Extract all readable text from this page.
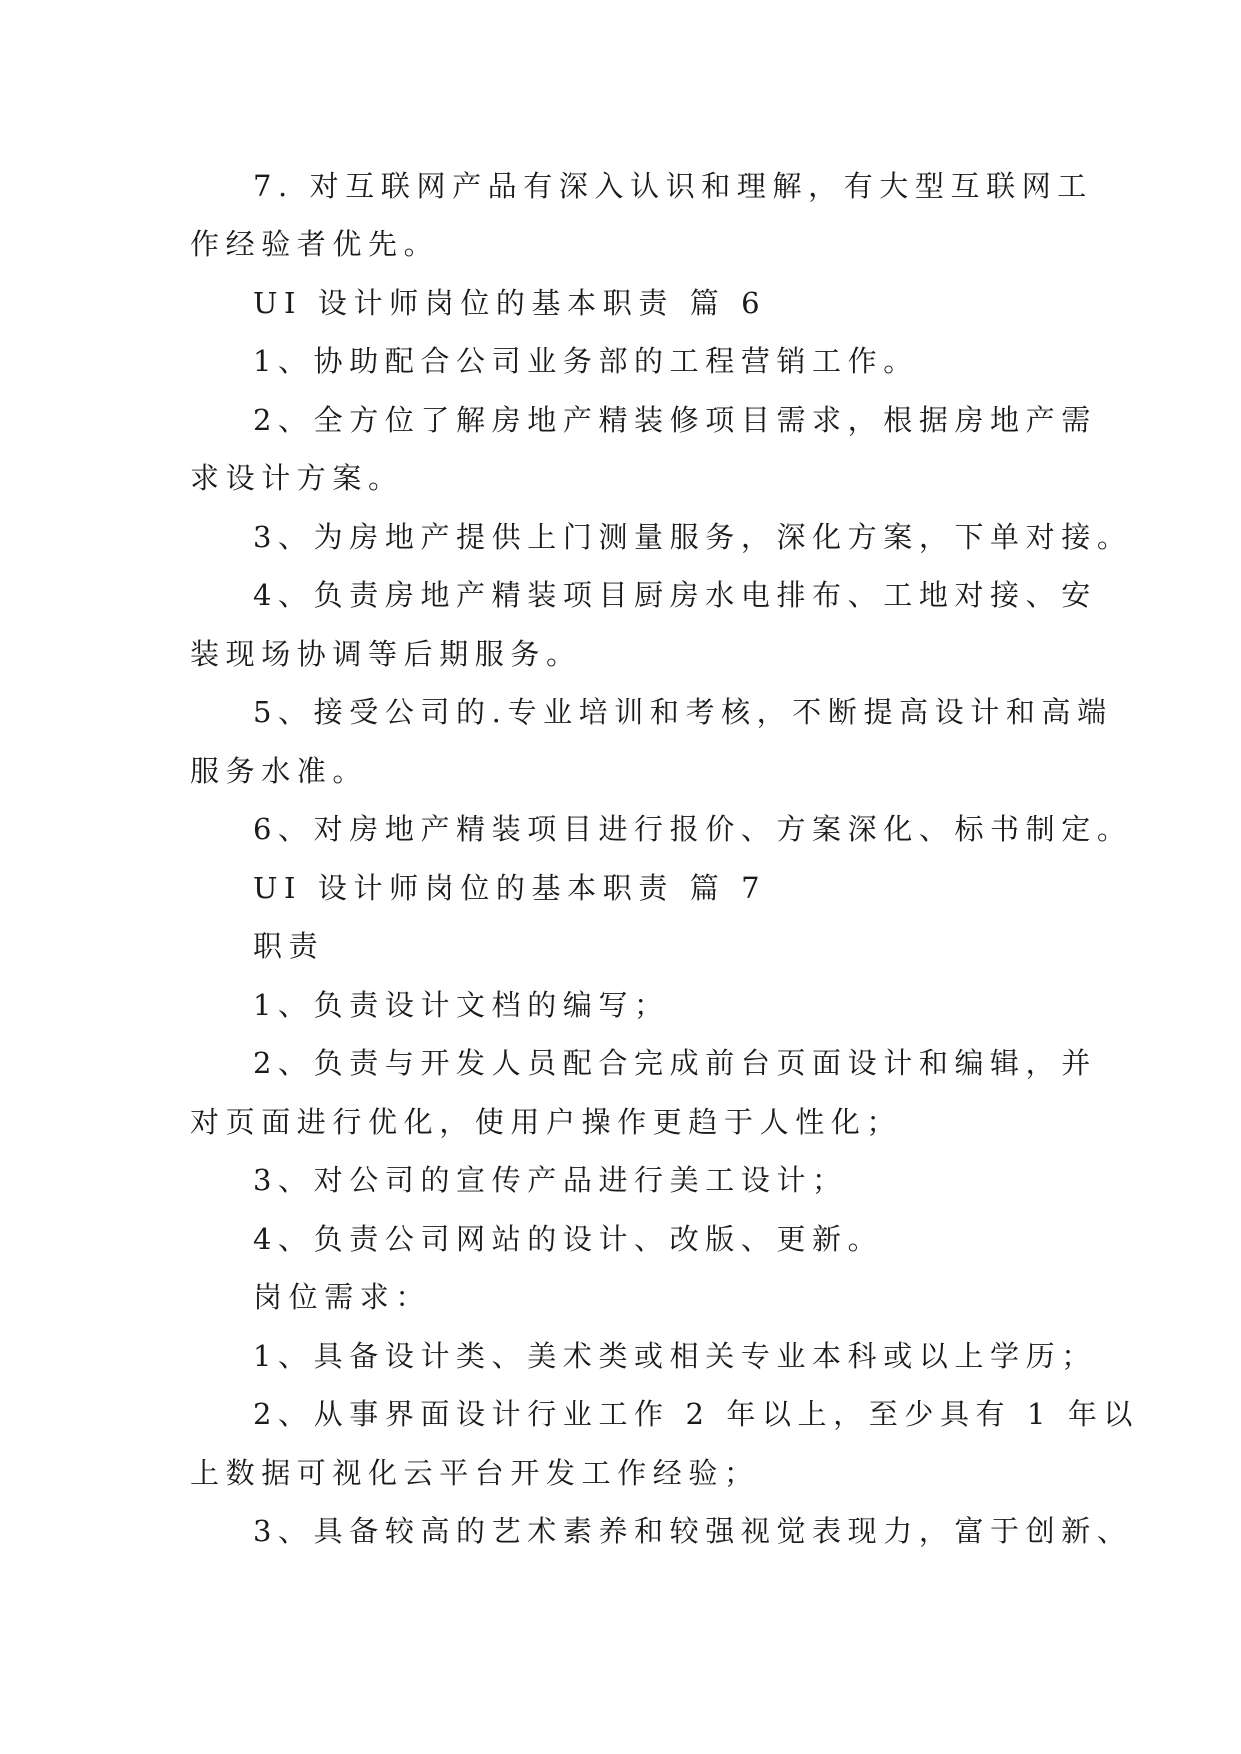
7. 对互联网产品有深入认识和理解，有大型互联网工
作经验者优先。
UI 设计师岗位的基本职责 篇 6
1、协助配合公司业务部的工程营销工作。
2、全方位了解房地产精装修项目需求，根据房地产需
求设计方案。
3、为房地产提供上门测量服务，深化方案，下单对接。
4、负责房地产精装项目厨房水电排布、工地对接、安
装现场协调等后期服务。
5、接受公司的.专业培训和考核，不断提高设计和高端
服务水准。
6、对房地产精装项目进行报价、方案深化、标书制定。
UI 设计师岗位的基本职责 篇 7
职责
1、负责设计文档的编写；
2、负责与开发人员配合完成前台页面设计和编辑，并
对页面进行优化，使用户操作更趋于人性化；
3、对公司的宣传产品进行美工设计；
4、负责公司网站的设计、改版、更新。
岗位需求：
1、具备设计类、美术类或相关专业本科或以上学历；
2、从事界面设计行业工作 2 年以上，至少具有 1 年以
上数据可视化云平台开发工作经验；
3、具备较高的艺术素养和较强视觉表现力，富于创新、
